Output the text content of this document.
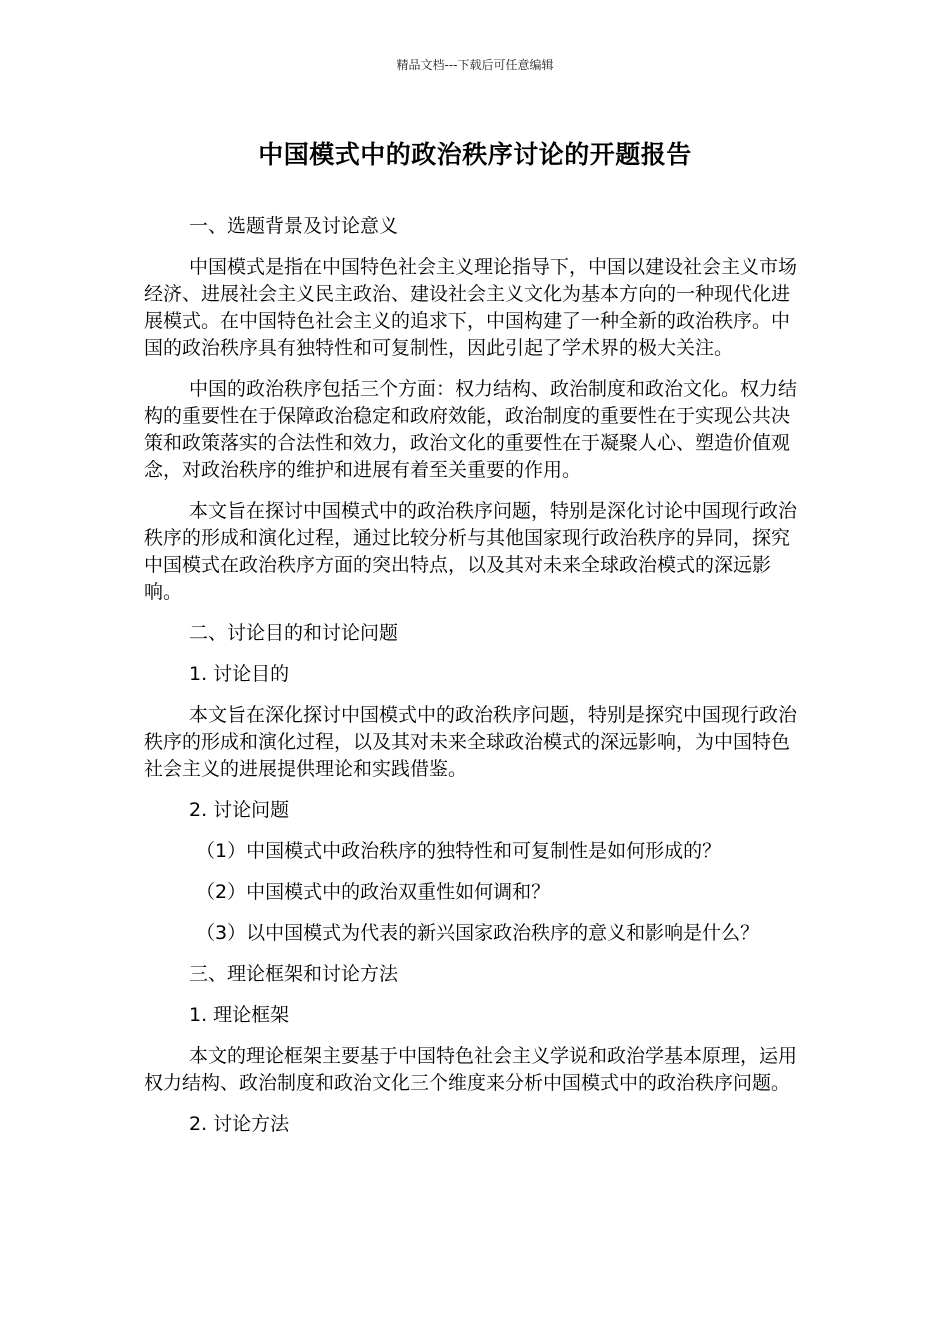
精品文档---下载后可任意编辑
中国模式中的政治秩序讨论的开题报告

一、选题背景及讨论意义

中国模式是指在中国特色社会主义理论指导下，中国以建设社会主义市场经济、进展社会主义民主政治、建设社会主义文化为基本方向的一种现代化进展模式。在中国特色社会主义的追求下，中国构建了一种全新的政治秩序。中国的政治秩序具有独特性和可复制性，因此引起了学术界的极大关注。

中国的政治秩序包括三个方面：权力结构、政治制度和政治文化。权力结构的重要性在于保障政治稳定和政府效能，政治制度的重要性在于实现公共决策和政策落实的合法性和效力，政治文化的重要性在于凝聚人心、塑造价值观念，对政治秩序的维护和进展有着至关重要的作用。

本文旨在探讨中国模式中的政治秩序问题，特别是深化讨论中国现行政治秩序的形成和演化过程，通过比较分析与其他国家现行政治秩序的异同，探究中国模式在政治秩序方面的突出特点，以及其对未来全球政治模式的深远影响。

二、讨论目的和讨论问题

1. 讨论目的

本文旨在深化探讨中国模式中的政治秩序问题，特别是探究中国现行政治秩序的形成和演化过程，以及其对未来全球政治模式的深远影响，为中国特色社会主义的进展提供理论和实践借鉴。

2. 讨论问题

（1）中国模式中政治秩序的独特性和可复制性是如何形成的？

（2）中国模式中的政治双重性如何调和？

（3）以中国模式为代表的新兴国家政治秩序的意义和影响是什么？

三、理论框架和讨论方法

1. 理论框架

本文的理论框架主要基于中国特色社会主义学说和政治学基本原理，运用权力结构、政治制度和政治文化三个维度来分析中国模式中的政治秩序问题。

2. 讨论方法
